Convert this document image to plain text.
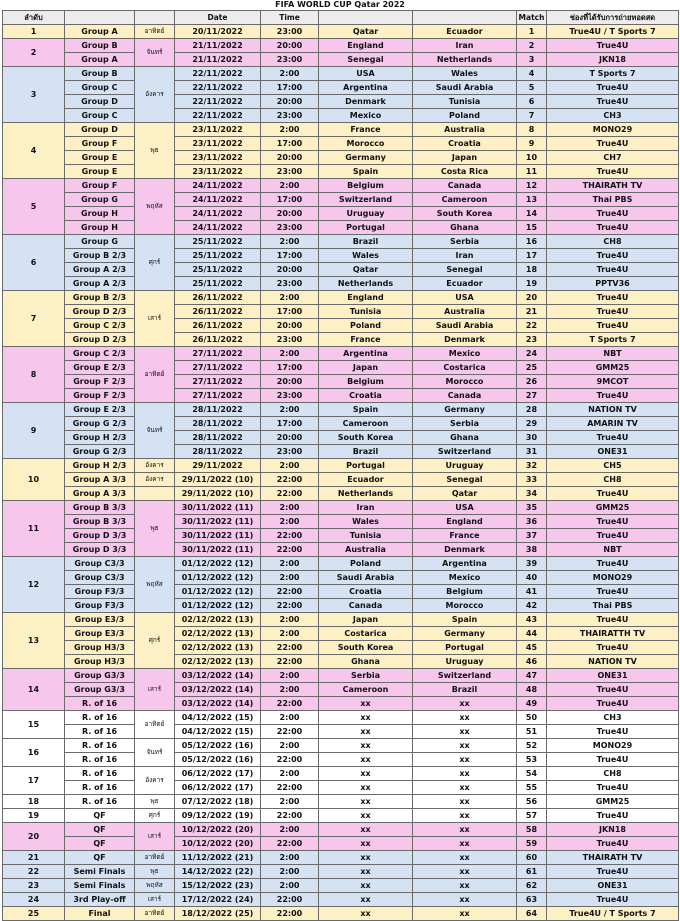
FIFA WORLD CUP Qatar 2022
ลำดับ			Date	Time			Match	ช่องที่ได้รับการถ่ายทอดสด
1	Group A	อาทิตย์	20/11/2022	23:00	Qatar	Ecuador	1	True4U / T Sports 7
2	Group B	จันทร์	21/11/2022	20:00	England	Iran	2	True4U
	Group A		21/11/2022	23:00	Senegal	Netherlands	3	JKN18
3	Group B	อังคาร	22/11/2022	2:00	USA	Wales	4	T Sports 7
	Group C		22/11/2022	17:00	Argentina	Saudi Arabia	5	True4U
	Group D		22/11/2022	20:00	Denmark	Tunisia	6	True4U
	Group C		22/11/2022	23:00	Mexico	Poland	7	CH3
4	Group D	พุธ	23/11/2022	2:00	France	Australia	8	MONO29
	Group F		23/11/2022	17:00	Morocco	Croatia	9	True4U
	Group E		23/11/2022	20:00	Germany	Japan	10	CH7
	Group E		23/11/2022	23:00	Spain	Costa Rica	11	True4U
5	Group F	พฤหัส	24/11/2022	2:00	Belgium	Canada	12	THAIRATH TV
	Group G		24/11/2022	17:00	Switzerland	Cameroon	13	Thai PBS
	Group H		24/11/2022	20:00	Uruguay	South Korea	14	True4U
	Group H		24/11/2022	23:00	Portugal	Ghana	15	True4U
6	Group G	ศุกร์	25/11/2022	2:00	Brazil	Serbia	16	CH8
	Group B 2/3		25/11/2022	17:00	Wales	Iran	17	True4U
	Group A 2/3		25/11/2022	20:00	Qatar	Senegal	18	True4U
	Group A 2/3		25/11/2022	23:00	Netherlands	Ecuador	19	PPTV36
7	Group B 2/3	เสาร์	26/11/2022	2:00	England	USA	20	True4U
	Group D 2/3		26/11/2022	17:00	Tunisia	Australia	21	True4U
	Group C 2/3		26/11/2022	20:00	Poland	Saudi Arabia	22	True4U
	Group D 2/3		26/11/2022	23:00	France	Denmark	23	T Sports 7
8	Group C 2/3	อาทิตย์	27/11/2022	2:00	Argentina	Mexico	24	NBT
	Group E 2/3		27/11/2022	17:00	Japan	Costarica	25	GMM25
	Group F 2/3		27/11/2022	20:00	Belgium	Morocco	26	9MCOT
	Group F 2/3		27/11/2022	23:00	Croatia	Canada	27	True4U
9	Group E 2/3	จันทร์	28/11/2022	2:00	Spain	Germany	28	NATION TV
	Group G 2/3		28/11/2022	17:00	Cameroon	Serbia	29	AMARIN TV
	Group H 2/3		28/11/2022	20:00	South Korea	Ghana	30	True4U
	Group G 2/3		28/11/2022	23:00	Brazil	Switzerland	31	ONE31
10	Group H 2/3	อังคาร	29/11/2022	2:00	Portugal	Uruguay	32	CH5
	Group A 3/3	อังคาร	29/11/2022 (10)	22:00	Ecuador	Senegal	33	CH8
	Group A 3/3		29/11/2022 (10)	22:00	Netherlands	Qatar	34	True4U
11	Group B 3/3	พุธ	30/11/2022 (11)	2:00	Iran	USA	35	GMM25
	Group B 3/3		30/11/2022 (11)	2:00	Wales	England	36	True4U
	Group D 3/3		30/11/2022 (11)	22:00	Tunisia	France	37	True4U
	Group D 3/3		30/11/2022 (11)	22:00	Australia	Denmark	38	NBT
12	Group C3/3	พฤหัส	01/12/2022 (12)	2:00	Poland	Argentina	39	True4U
	Group C3/3		01/12/2022 (12)	2:00	Saudi Arabia	Mexico	40	MONO29
	Group F3/3		01/12/2022 (12)	22:00	Croatia	Belgium	41	True4U
	Group F3/3		01/12/2022 (12)	22:00	Canada	Morocco	42	Thai PBS
13	Group E3/3	ศุกร์	02/12/2022 (13)	2:00	Japan	Spain	43	True4U
	Group E3/3		02/12/2022 (13)	2:00	Costarica	Germany	44	THAIRATTH TV
	Group H3/3		02/12/2022 (13)	22:00	South Korea	Portugal	45	True4U
	Group H3/3		02/12/2022 (13)	22:00	Ghana	Uruguay	46	NATION TV
14	Group G3/3	เสาร์	03/12/2022 (14)	2:00	Serbia	Switzerland	47	ONE31
	Group G3/3		03/12/2022 (14)	2:00	Cameroon	Brazil	48	True4U
	R. of 16		03/12/2022 (14)	22:00	xx	xx	49	True4U
15	R. of 16	อาทิตย์	04/12/2022 (15)	2:00	xx	xx	50	CH3
	R. of 16		04/12/2022 (15)	22:00	xx	xx	51	True4U
16	R. of 16	จันทร์	05/12/2022 (16)	2:00	xx	xx	52	MONO29
	R. of 16		05/12/2022 (16)	22:00	xx	xx	53	True4U
17	R. of 16	อังคาร	06/12/2022 (17)	2:00	xx	xx	54	CH8
	R. of 16		06/12/2022 (17)	22:00	xx	xx	55	True4U
18	R. of 16	พุธ	07/12/2022 (18)	2:00	xx	xx	56	GMM25
19	QF	ศุกร์	09/12/2022 (19)	22:00	xx	xx	57	True4U
20	QF	เสาร์	10/12/2022 (20)	2:00	xx	xx	58	JKN18
	QF		10/12/2022 (20)	22:00	xx	xx	59	True4U
21	QF	อาทิตย์	11/12/2022 (21)	2:00	xx	xx	60	THAIRATH TV
22	Semi Finals	พุธ	14/12/2022 (22)	2:00	xx	xx	61	True4U
23	Semi Finals	พฤหัส	15/12/2022 (23)	2:00	xx	xx	62	ONE31
24	3rd Play-off	เสาร์	17/12/2022 (24)	22:00	xx	xx	63	True4U
25	Final	อาทิตย์	18/12/2022 (25)	22:00	xx	xx	64	True4U / T Sports 7
